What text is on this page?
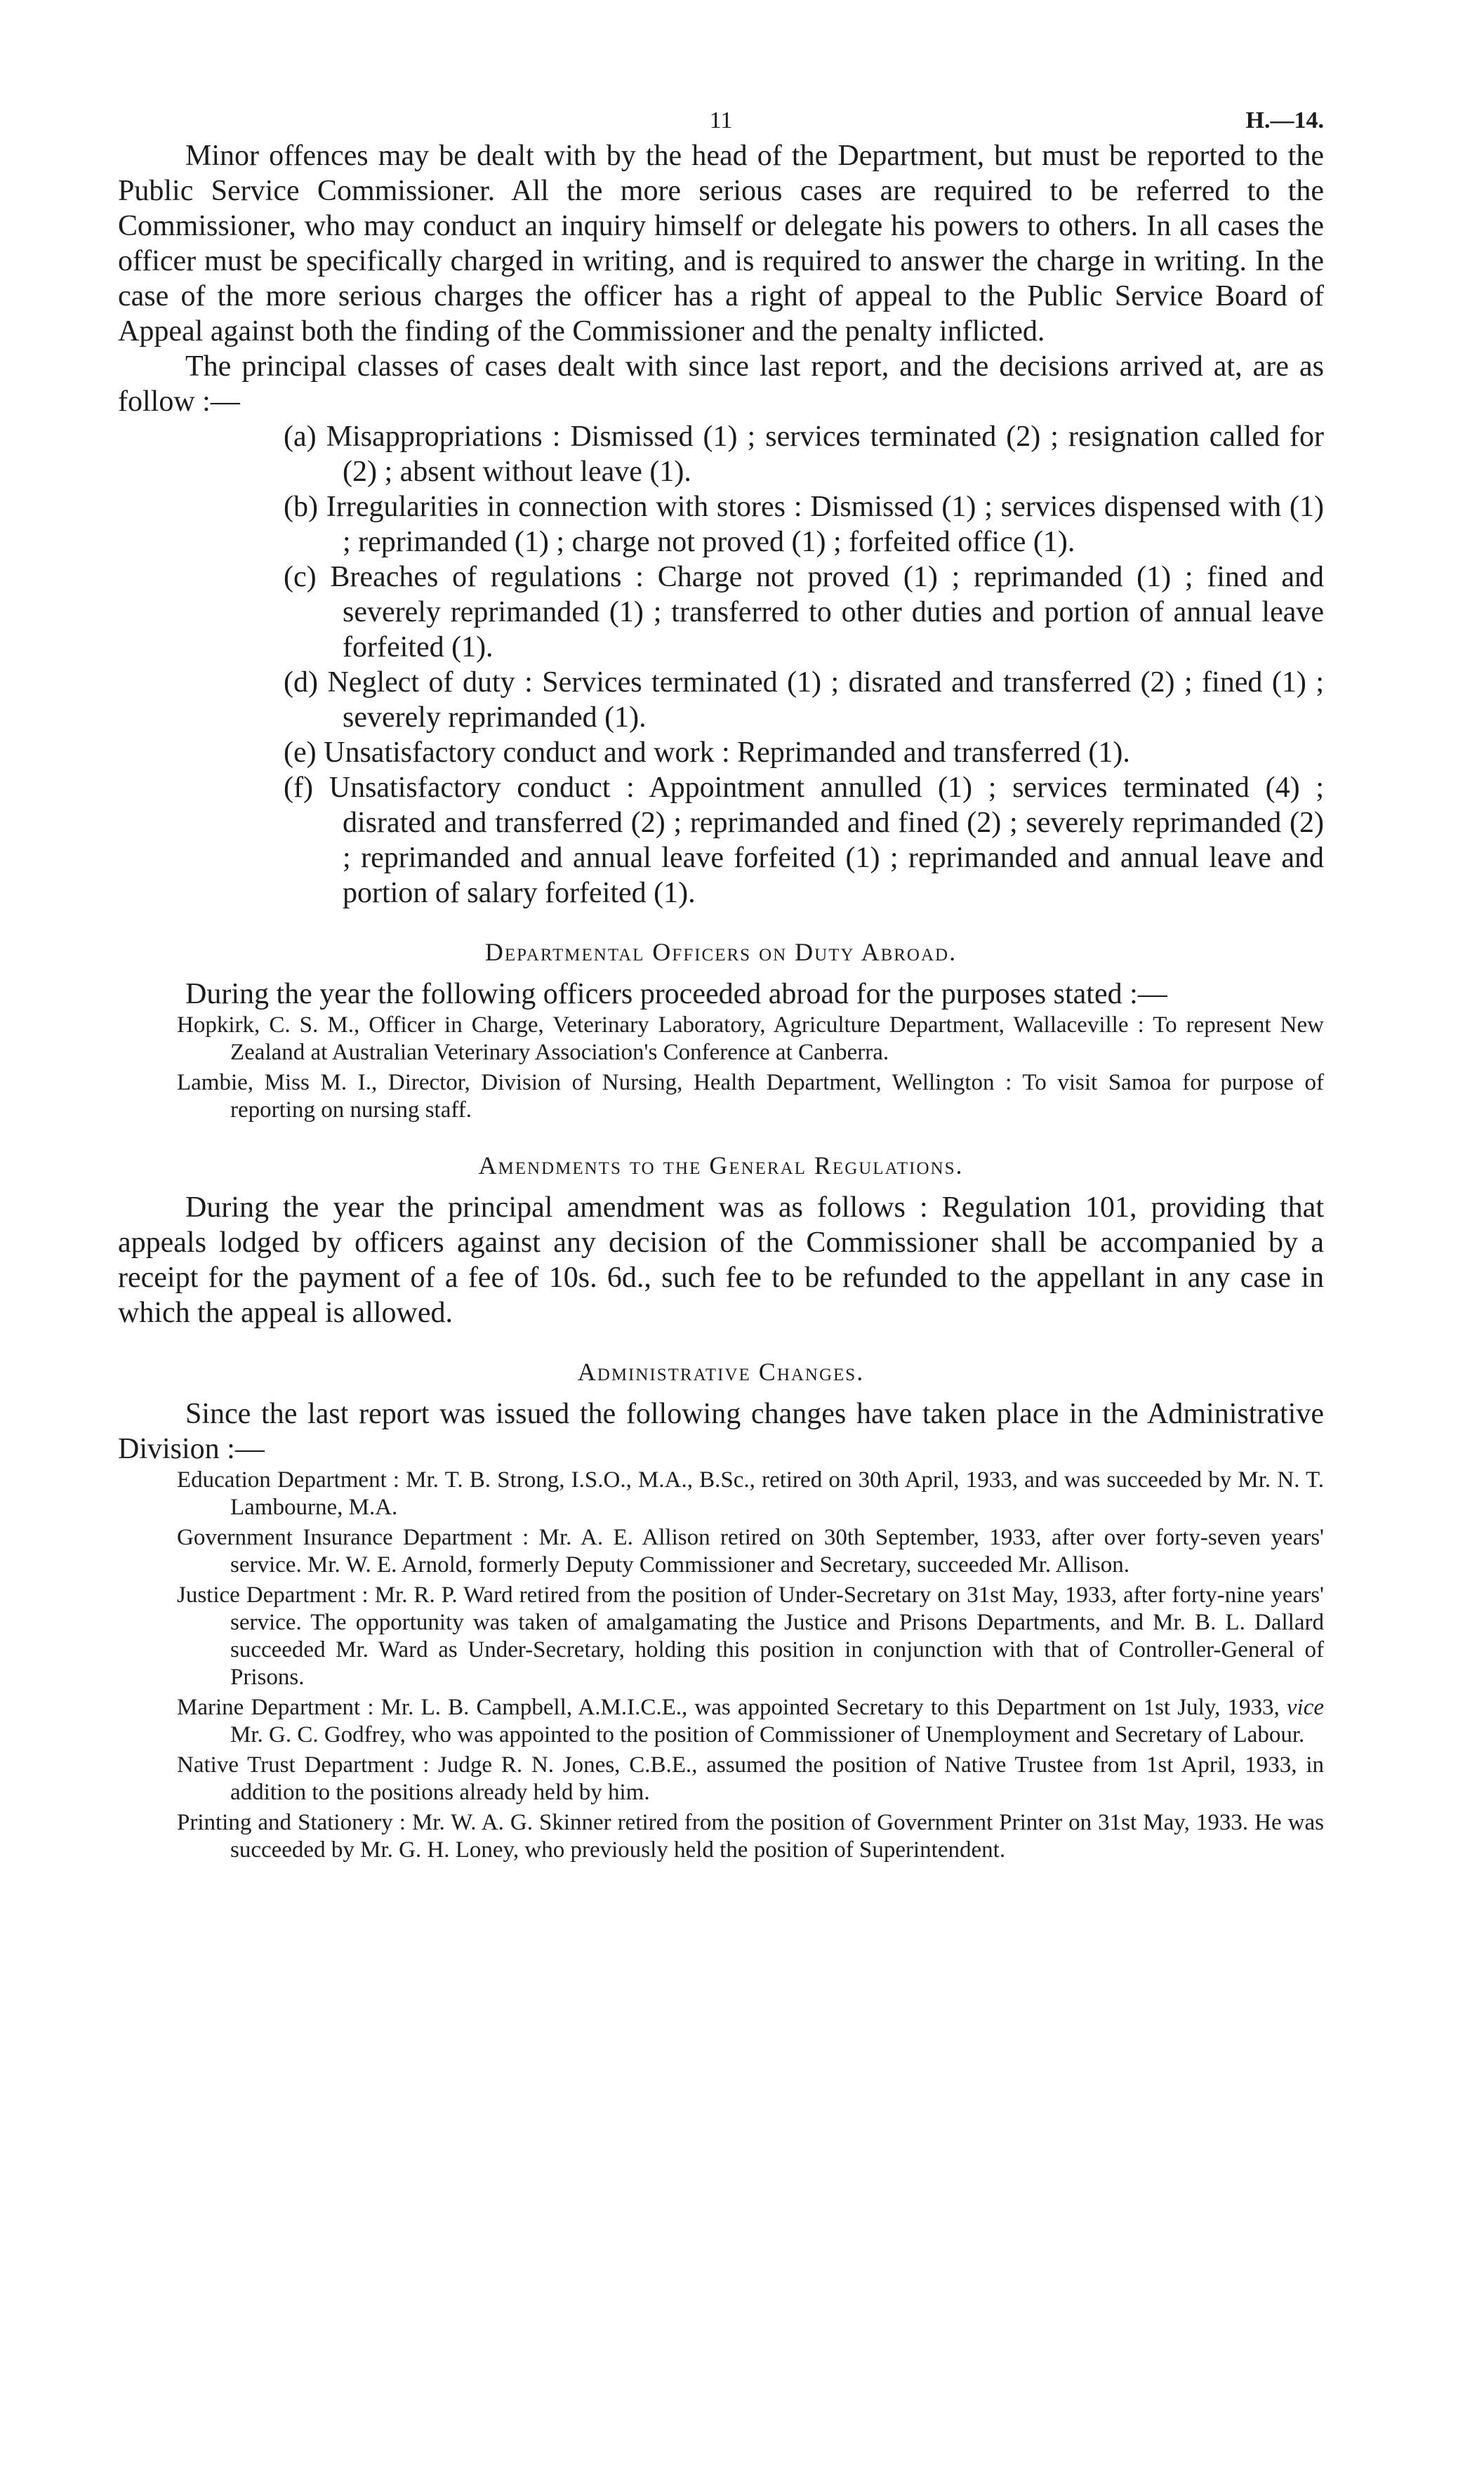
11	H.—14.

Minor offences may be dealt with by the head of the Department, but must be reported to the Public Service Commissioner. All the more serious cases are required to be referred to the Commissioner, who may conduct an inquiry himself or delegate his powers to others. In all cases the officer must be specifically charged in writing, and is required to answer the charge in writing. In the case of the more serious charges the officer has a right of appeal to the Public Service Board of Appeal against both the finding of the Commissioner and the penalty inflicted.

The principal classes of cases dealt with since last report, and the decisions arrived at, are as follow :—

(a) Misappropriations : Dismissed (1) ; services terminated (2) ; resignation called for (2) ; absent without leave (1).
(b) Irregularities in connection with stores : Dismissed (1) ; services dispensed with (1) ; reprimanded (1) ; charge not proved (1) ; forfeited office (1).
(c) Breaches of regulations : Charge not proved (1) ; reprimanded (1) ; fined and severely reprimanded (1) ; transferred to other duties and portion of annual leave forfeited (1).
(d) Neglect of duty : Services terminated (1) ; disrated and transferred (2) ; fined (1) ; severely reprimanded (1).
(e) Unsatisfactory conduct and work : Reprimanded and transferred (1).
(f) Unsatisfactory conduct : Appointment annulled (1) ; services terminated (4) ; disrated and transferred (2) ; reprimanded and fined (2) ; severely reprimanded (2) ; reprimanded and annual leave forfeited (1) ; reprimanded and annual leave and portion of salary forfeited (1).
Departmental Officers on Duty Abroad.

During the year the following officers proceeded abroad for the purposes stated :—

Hopkirk, C. S. M., Officer in Charge, Veterinary Laboratory, Agriculture Department, Wallaceville : To represent New Zealand at Australian Veterinary Association's Conference at Canberra.

Lambie, Miss M. I., Director, Division of Nursing, Health Department, Wellington : To visit Samoa for purpose of reporting on nursing staff.

Amendments to the General Regulations.

During the year the principal amendment was as follows : Regulation 101, providing that appeals lodged by officers against any decision of the Commissioner shall be accompanied by a receipt for the payment of a fee of 10s. 6d., such fee to be refunded to the appellant in any case in which the appeal is allowed.

Administrative Changes.

Since the last report was issued the following changes have taken place in the Administrative Division :—

Education Department : Mr. T. B. Strong, I.S.O., M.A., B.Sc., retired on 30th April, 1933, and was succeeded by Mr. N. T. Lambourne, M.A.

Government Insurance Department : Mr. A. E. Allison retired on 30th September, 1933, after over forty-seven years' service. Mr. W. E. Arnold, formerly Deputy Commissioner and Secretary, succeeded Mr. Allison.

Justice Department : Mr. R. P. Ward retired from the position of Under-Secretary on 31st May, 1933, after forty-nine years' service. The opportunity was taken of amalgamating the Justice and Prisons Departments, and Mr. B. L. Dallard succeeded Mr. Ward as Under-Secretary, holding this position in conjunction with that of Controller-General of Prisons.

Marine Department : Mr. L. B. Campbell, A.M.I.C.E., was appointed Secretary to this Department on 1st July, 1933, vice Mr. G. C. Godfrey, who was appointed to the position of Commissioner of Unemployment and Secretary of Labour.

Native Trust Department : Judge R. N. Jones, C.B.E., assumed the position of Native Trustee from 1st April, 1933, in addition to the positions already held by him.

Printing and Stationery : Mr. W. A. G. Skinner retired from the position of Government Printer on 31st May, 1933. He was succeeded by Mr. G. H. Loney, who previously held the position of Superintendent.
